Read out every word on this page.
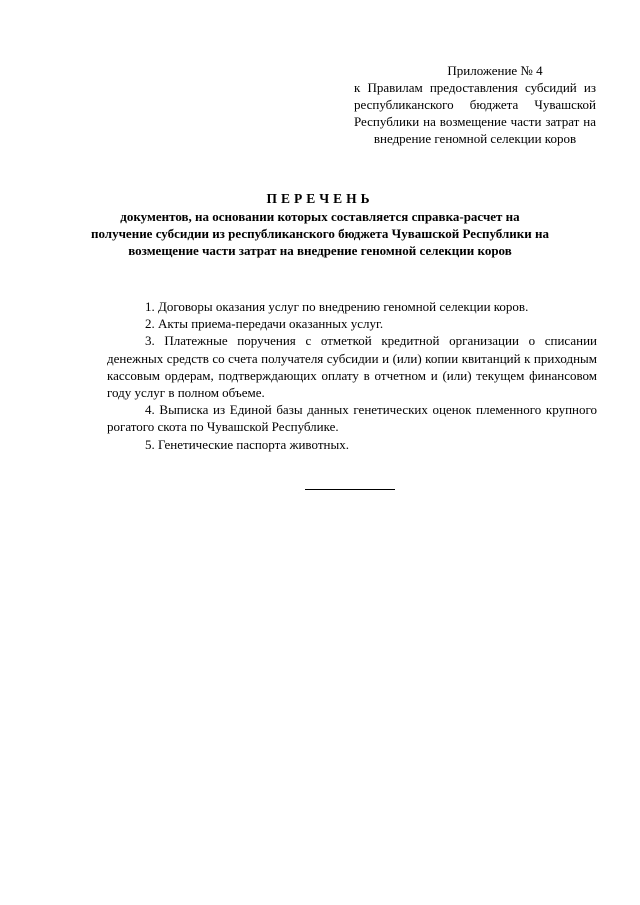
Приложение № 4
к Правилам предоставления субсидий из республиканского бюджета Чувашской Республики на возмещение части затрат на внедрение геномной селекции коров
ПЕРЕЧЕНЬ
документов, на основании которых составляется справка-расчет на получение субсидии из республиканского бюджета Чувашской Республики на возмещение части затрат на внедрение геномной селекции коров

1. Договоры оказания услуг по внедрению геномной селекции коров.

2. Акты приема-передачи оказанных услуг.

3. Платежные поручения с отметкой кредитной организации о списании денежных средств со счета получателя субсидии и (или) копии квитанций к приходным кассовым ордерам, подтверждающих оплату в отчетном и (или) текущем финансовом году услуг в полном объеме.

4. Выписка из Единой базы данных генетических оценок племенного крупного рогатого скота по Чувашской Республике.

5. Генетические паспорта животных.
